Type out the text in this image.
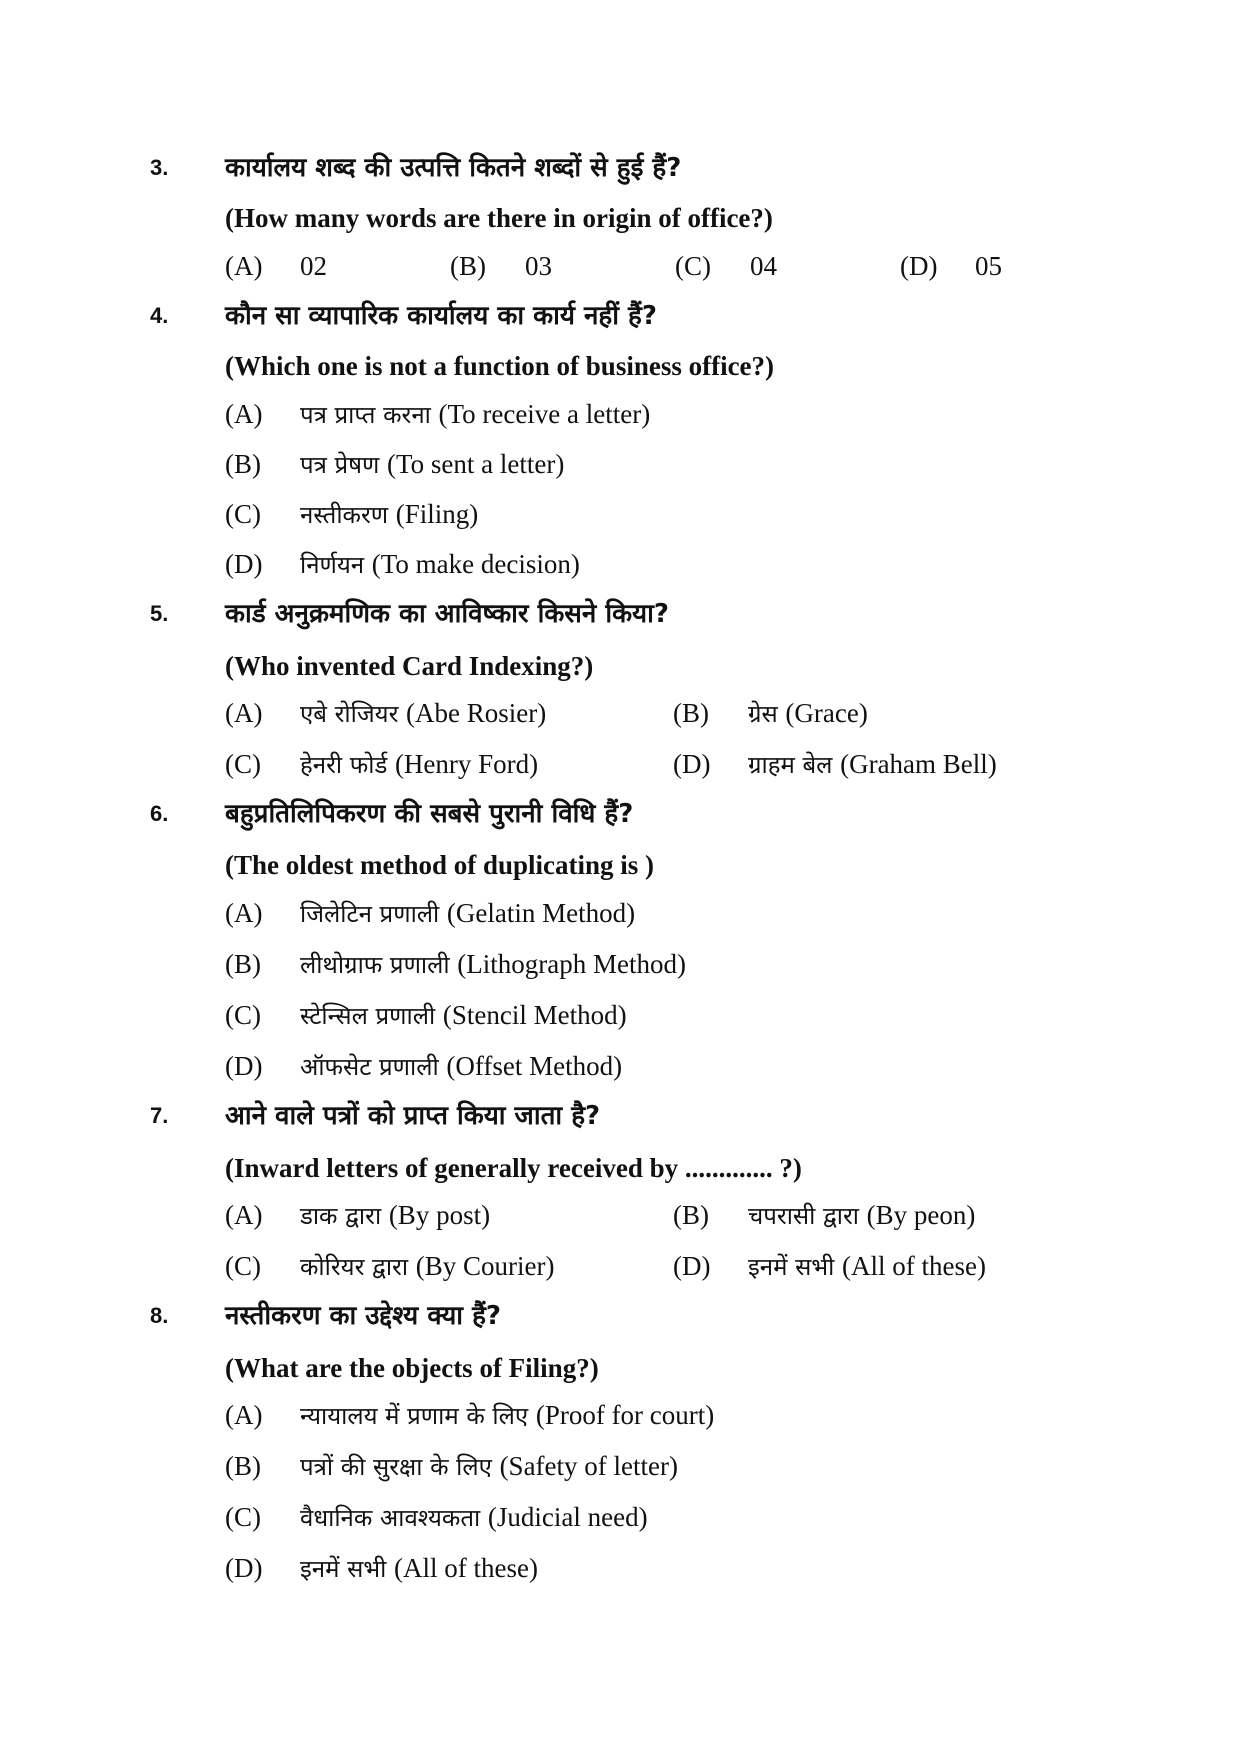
3. कार्यालय शब्द की उत्पत्ति कितने शब्दों से हुई हैं?
(How many words are there in origin of office?)
(A) 02	(B) 03	(C) 04	(D) 05
4. कौन सा व्यापारिक कार्यालय का कार्य नहीं हैं?
(Which one is not a function of business office?)
(A) पत्र प्राप्त करना (To receive a letter)
(B) पत्र प्रेषण (To sent a letter)
(C) नस्तीकरण (Filing)
(D) निर्णयन (To make decision)
5. कार्ड अनुक्रमणिक का आविष्कार किसने किया?
(Who invented Card Indexing?)
(A) एबे रोजियर (Abe Rosier)	(B) ग्रेस (Grace)
(C) हेनरी फोर्ड (Henry Ford)	(D) ग्राहम बेल (Graham Bell)
6. बहुप्रतिलिपिकरण की सबसे पुरानी विधि हैं?
(The oldest method of duplicating is )
(A) जिलेटिन प्रणाली (Gelatin Method)
(B) लीथोग्राफ प्रणाली (Lithograph Method)
(C) स्टेन्सिल प्रणाली (Stencil Method)
(D) ऑफसेट प्रणाली (Offset Method)
7. आने वाले पत्रों को प्राप्त किया जाता है?
(Inward letters of generally received by ............. ?)
(A) डाक द्वारा (By post)	(B) चपरासी द्वारा (By peon)
(C) कोरियर द्वारा (By Courier)	(D) इनमें सभी (All of these)
8. नस्तीकरण का उद्देश्य क्या हैं?
(What are the objects of Filing?)
(A) न्यायालय में प्रणाम के लिए (Proof for court)
(B) पत्रों की सुरक्षा के लिए (Safety of letter)
(C) वैधानिक आवश्यकता (Judicial need)
(D) इनमें सभी (All of these)
